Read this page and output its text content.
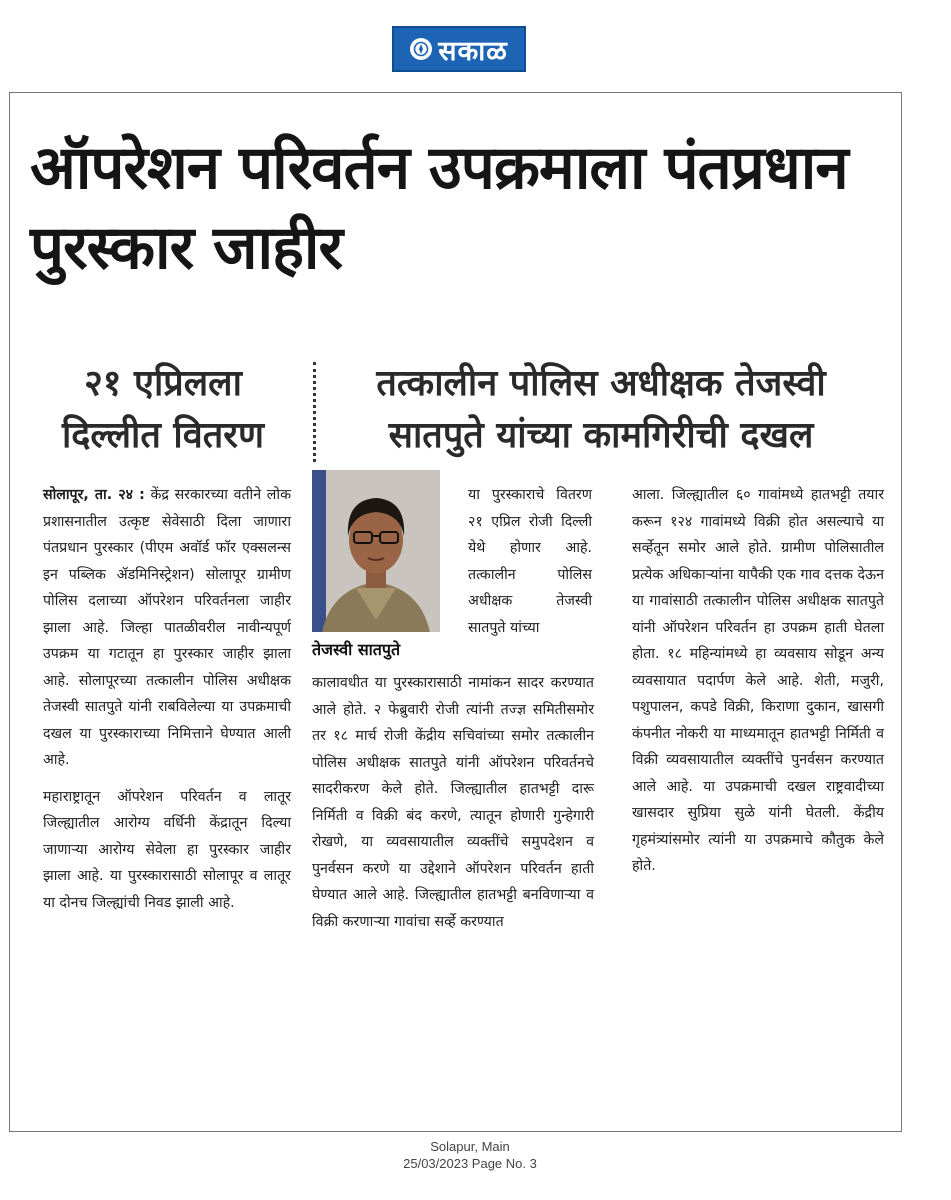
सकाळ
ऑपरेशन परिवर्तन उपक्रमाला पंतप्रधान पुरस्कार जाहीर
२१ एप्रिलला दिल्लीत वितरण
तत्कालीन पोलिस अधीक्षक तेजस्वी सातपुते यांच्या कामगिरीची दखल

सोलापूर, ता. २४ : केंद्र सरकारच्या वतीने लोक प्रशासनातील उत्कृष्ट सेवेसाठी दिला जाणारा पंतप्रधान पुरस्कार (पीएम अवॉर्ड फॉर एक्सलन्स इन पब्लिक ॲडमिनिस्ट्रेशन) सोलापूर ग्रामीण पोलिस दलाच्या ऑपरेशन परिवर्तनला जाहीर झाला आहे. जिल्हा पातळीवरील नावीन्यपूर्ण उपक्रम या गटातून हा पुरस्कार जाहीर झाला आहे. सोलापूरच्या तत्कालीन पोलिस अधीक्षक तेजस्वी सातपुते यांनी राबविलेल्या या उपक्रमाची दखल या पुरस्काराच्या निमित्ताने घेण्यात आली आहे.

महाराष्ट्रातून ऑपरेशन परिवर्तन व लातूर जिल्ह्यातील आरोग्य वर्धिनी केंद्रातून दिल्या जाणाऱ्या आरोग्य सेवेला हा पुरस्कार जाहीर झाला आहे. या पुरस्कारासाठी सोलापूर व लातूर या दोनच जिल्ह्यांची निवड झाली आहे.

तेजस्वी सातपुते
या पुरस्काराचे वितरण २१ एप्रिल रोजी दिल्ली येथे होणार आहे. तत्कालीन पोलिस अधीक्षक तेजस्वी सातपुते यांच्या
कालावधीत या पुरस्कारासाठी नामांकन सादर करण्यात आले होते. २ फेब्रुवारी रोजी त्यांनी तज्ज्ञ समितीसमोर तर १८ मार्च रोजी केंद्रीय सचिवांच्या समोर तत्कालीन पोलिस अधीक्षक सातपुते यांनी ऑपरेशन परिवर्तनचे सादरीकरण केले होते. जिल्ह्यातील हातभट्टी दारू निर्मिती व विक्री बंद करणे, त्यातून होणारी गुन्हेगारी रोखणे, या व्यवसायातील व्यक्तींचे समुपदेशन व पुनर्वसन करणे या उद्देशाने ऑपरेशन परिवर्तन हाती घेण्यात आले आहे. जिल्ह्यातील हातभट्टी बनविणाऱ्या व विक्री करणाऱ्या गावांचा सर्व्हे करण्यात
आला. जिल्ह्यातील ६० गावांमध्ये हातभट्टी तयार करून १२४ गावांमध्ये विक्री होत असल्याचे या सर्व्हेतून समोर आले होते. ग्रामीण पोलिसातील प्रत्येक अधिकाऱ्यांना यापैकी एक गाव दत्तक देऊन या गावांसाठी तत्कालीन पोलिस अधीक्षक सातपुते यांनी ऑपरेशन परिवर्तन हा उपक्रम हाती घेतला होता. १८ महिन्यांमध्ये हा व्यवसाय सोडून अन्य व्यवसायात पदार्पण केले आहे. शेती, मजुरी, पशुपालन, कपडे विक्री, किराणा दुकान, खासगी कंपनीत नोकरी या माध्यमातून हातभट्टी निर्मिती व विक्री व्यवसायातील व्यक्तींचे पुनर्वसन करण्यात आले आहे. या उपक्रमाची दखल राष्ट्रवादीच्या खासदार सुप्रिया सुळे यांनी घेतली. केंद्रीय गृहमंत्र्यांसमोर त्यांनी या उपक्रमाचे कौतुक केले होते.
Solapur, Main
25/03/2023 Page No. 3
